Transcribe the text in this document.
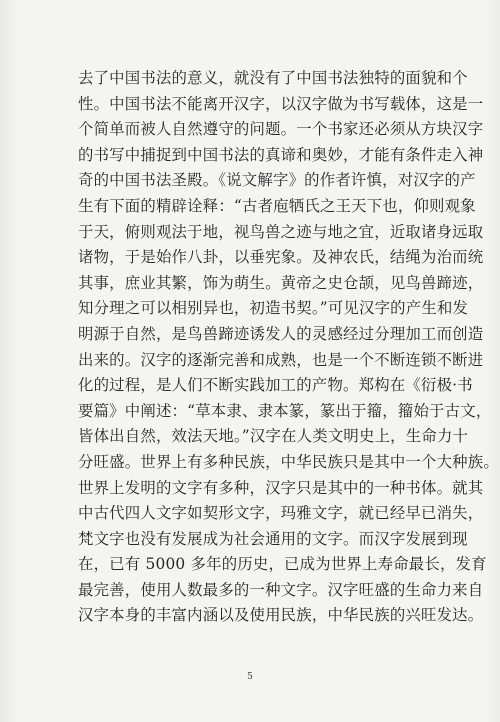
去了中国书法的意义，就没有了中国书法独特的面貌和个
性。中国书法不能离开汉字，以汉字做为书写载体，这是一
个简单而被人自然遵守的问题。一个书家还必须从方块汉字
的书写中捕捉到中国书法的真谛和奥妙，才能有条件走入神
奇的中国书法圣殿。《说文解字》的作者许慎，对汉字的产
生有下面的精辟诠释：“古者庖牺氏之王天下也，仰则观象
于天，俯则观法于地，视鸟兽之迹与地之宜，近取诸身远取
诸物，于是始作八卦，以垂宪象。及神农氏，结绳为治而统
其事，庶业其繁，饰为萌生。黄帝之史仓颉，见鸟兽蹄迹，
知分理之可以相别异也，初造书契。”可见汉字的产生和发
明源于自然，是鸟兽蹄迹诱发人的灵感经过分理加工而创造
出来的。汉字的逐渐完善和成熟，也是一个不断连锁不断进
化的过程，是人们不断实践加工的产物。郑构在《衍极·书
要篇》中阐述：“草本隶、隶本篆，篆出于籀，籀始于古文，
皆体出自然，效法天地。”汉字在人类文明史上，生命力十
分旺盛。世界上有多种民族，中华民族只是其中一个大种族。
世界上发明的文字有多种，汉字只是其中的一种书体。就其
中古代四人文字如契形文字，玛雅文字，就已经早已消失，
梵文字也没有发展成为社会通用的文字。而汉字发展到现
在，已有 5000 多年的历史，已成为世界上寿命最长，发育
最完善，使用人数最多的一种文字。汉字旺盛的生命力来自
汉字本身的丰富内涵以及使用民族，中华民族的兴旺发达。
5
